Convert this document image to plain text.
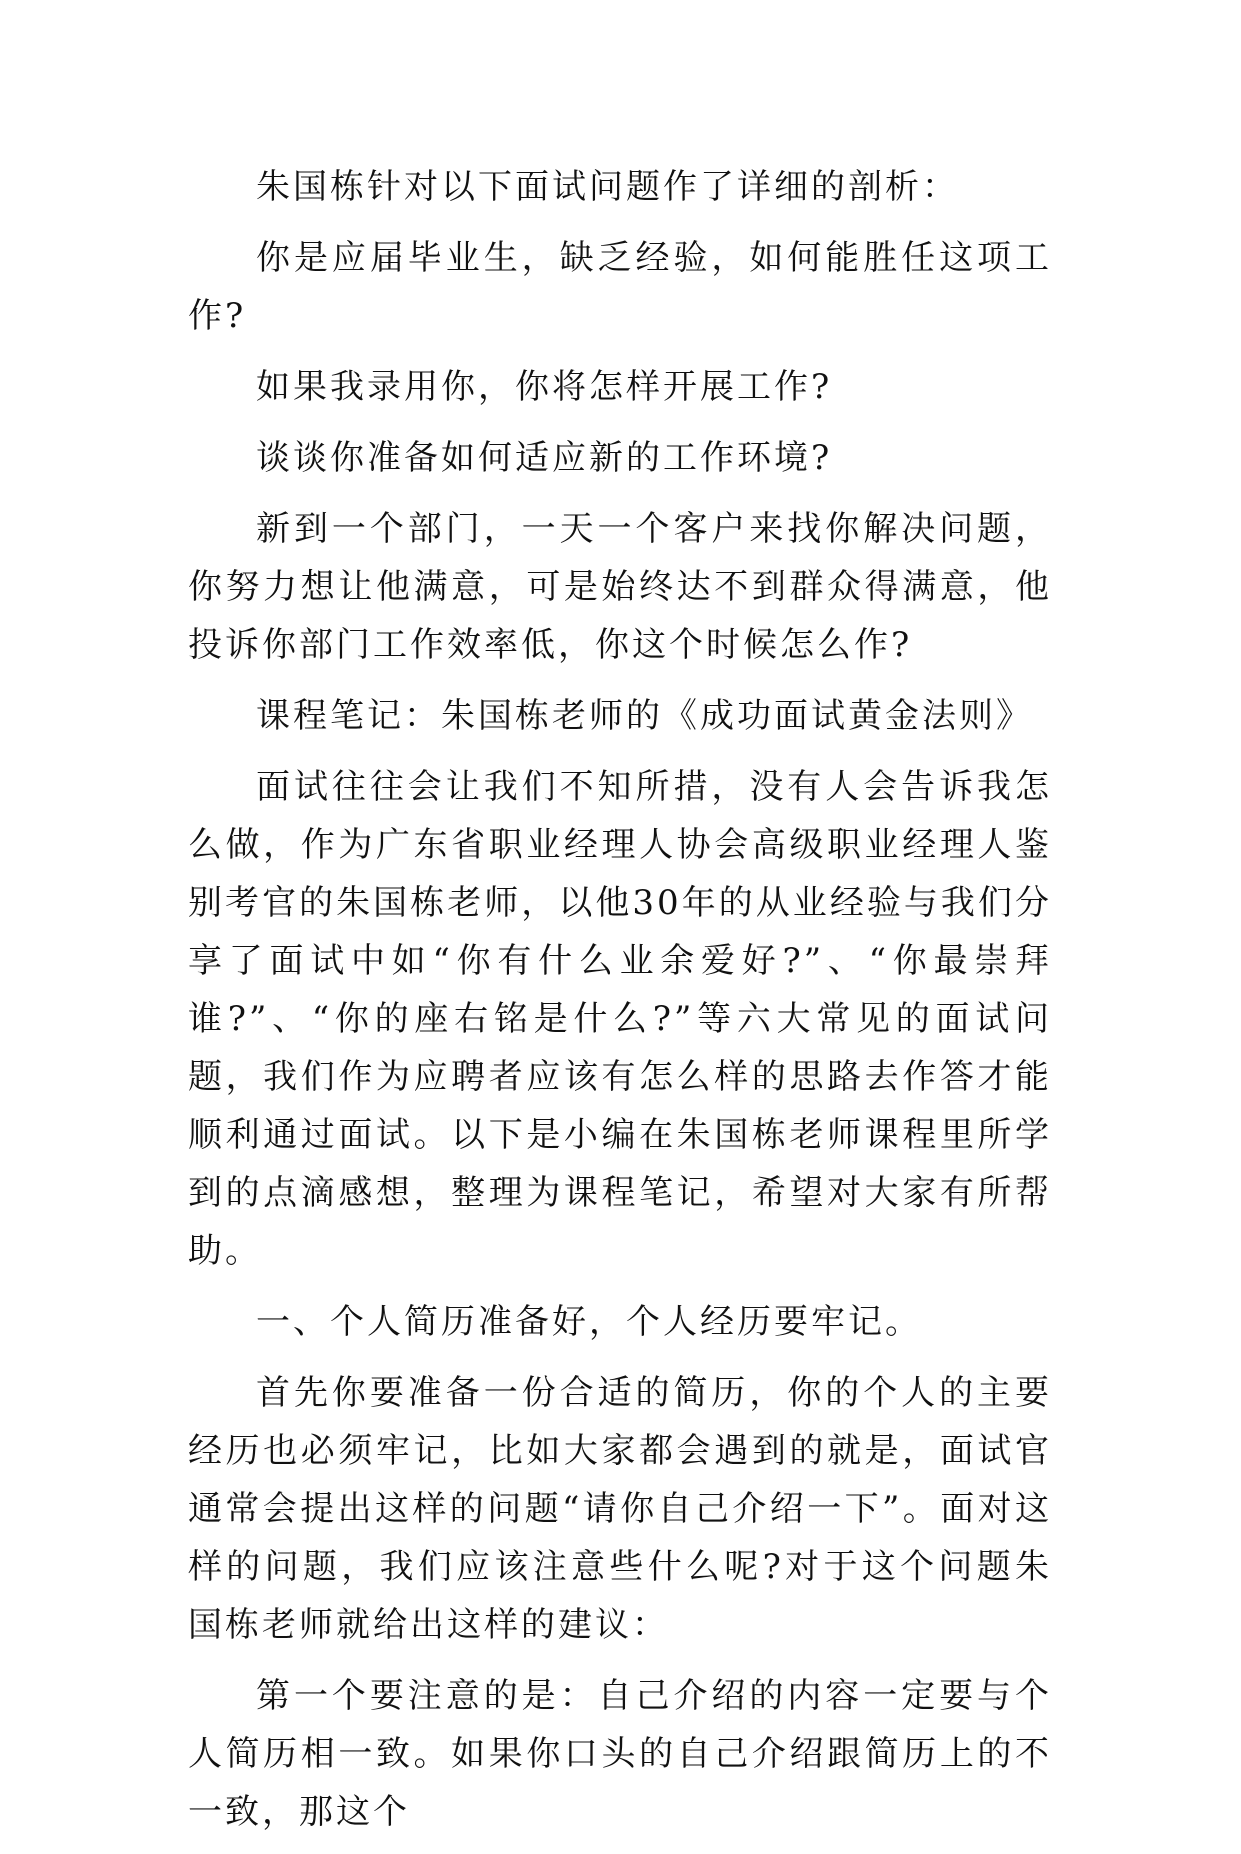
朱国栋针对以下面试问题作了详细的剖析：

你是应届毕业生，缺乏经验，如何能胜任这项工作?

如果我录用你，你将怎样开展工作?

谈谈你准备如何适应新的工作环境?

新到一个部门，一天一个客户来找你解决问题，你努力想让他满意，可是始终达不到群众得满意，他投诉你部门工作效率低，你这个时候怎么作?

课程笔记：朱国栋老师的《成功面试黄金法则》

面试往往会让我们不知所措，没有人会告诉我怎么做，作为广东省职业经理人协会高级职业经理人鉴别考官的朱国栋老师，以他30年的从业经验与我们分享了面试中如“你有什么业余爱好?”、“你最崇拜谁?”、“你的座右铭是什么?”等六大常见的面试问题，我们作为应聘者应该有怎么样的思路去作答才能顺利通过面试。以下是小编在朱国栋老师课程里所学到的点滴感想，整理为课程笔记，希望对大家有所帮助。

一、个人简历准备好，个人经历要牢记。

首先你要准备一份合适的简历，你的个人的主要经历也必须牢记，比如大家都会遇到的就是，面试官通常会提出这样的问题“请你自己介绍一下”。面对这样的问题，我们应该注意些什么呢?对于这个问题朱国栋老师就给出这样的建议：

第一个要注意的是：自己介绍的内容一定要与个人简历相一致。如果你口头的自己介绍跟简历上的不一致，那这个
